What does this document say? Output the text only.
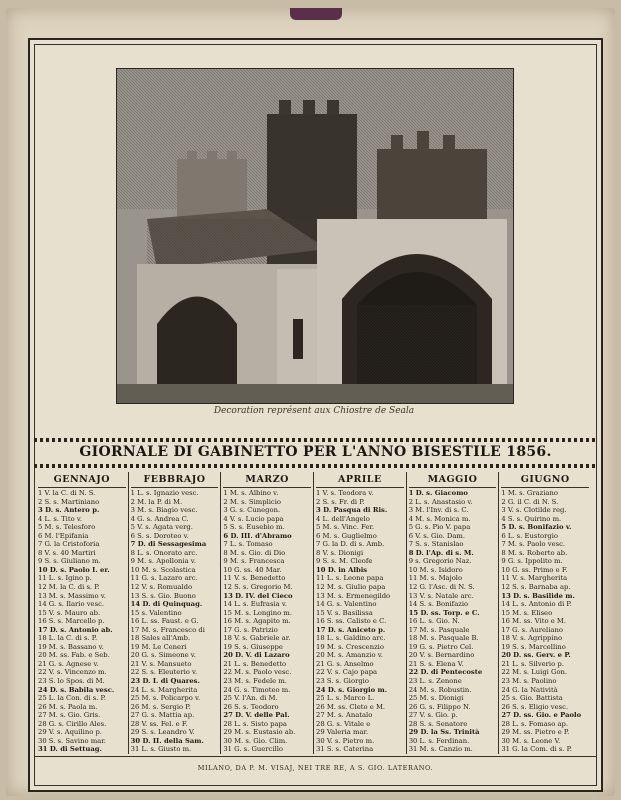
Decoration représent aux Chiostre de Seala
GIORNALE DI GABINETTO PER L'ANNO BISESTILE 1856.
GENNAJO
1 V. la C. di N. S.
2 S. s. Martiniano
3 D. s. Antero p.
4 L. s. Tito v.
5 M. s. Telesforo
6 M. l'Epifania
7 G. la Cristoforia
8 V. s. 40 Martiri
9 S. s. Giuliano m.
10 D. s. Paolo I. er.
11 L. s. Igino p.
12 M. la C. di s. P.
13 M. s. Massimo v.
14 G. s. Ilario vesc.
15 V. s. Mauro ab.
16 S. s. Marcello p.
17 D. s. Antonio ab.
18 L. la C. di s. P.
19 M. s. Bassano v.
20 M. ss. Fab. e Seb.
21 G. s. Agnese v.
22 V. s. Vincenzo m.
23 S. lo Spos. di M.
24 D. s. Babila vesc.
25 L. la Con. di s. P.
26 M. s. Paola m.
27 M. s. Gio. Gris.
28 G. s. Cirillo Ales.
29 V. s. Aquilino p.
30 S. s. Savino mar.
31 D. di Settuag.
FEBBRAJO
1 L. s. Ignazio vesc.
2 M. la P. di M.
3 M. s. Biagio vesc.
4 G. s. Andrea C.
5 V. s. Agata verg.
6 S. s. Doroteo v.
7 D. di Sessagesima
8 L. s. Onorato arc.
9 M. s. Apollonia v.
10 M. s. Scolastica
11 G. s. Lazaro arc.
12 V. s. Romualdo
13 S. s. Gio. Buono
14 D. di Quinquag.
15 s. Valentino
16 L. ss. Faust. e G.
17 M. s. Francesco di
18 Sales all'Amb.
19 M. Le Ceneri
20 G. s. Simeone v.
21 V. s. Mansueto
22 S. s. Eleuterio v.
23 D. I. di Quares.
24 L. s. Margherita
25 M. s. Policarpo v.
26 M. s. Sergio P.
27 G. s. Mattia ap.
28 V. ss. Fel. e F.
29 S. s. Leandro V.
30 D. II. della Sam.
31 L. s. Giusto m.
MARZO
1 M. s. Albino v.
2 M. s. Simplicio
3 G. s. Cunegon.
4 V. s. Lucio papa
5 S. s. Eusebio m.
6 D. III. d'Abramo
7 L. s. Tomaso
8 M. s. Gio. di Dio
9 M. s. Francesca
10 G. ss. 40 Mar.
11 V. s. Benedetto
12 S. s. Gregorio M.
13 D. IV. del Cieco
14 L. s. Eufrasia v.
15 M. s. Longino m.
16 M. s. Agapito m.
17 G. s. Patrizio
18 V. s. Gabriele ar.
19 S. s. Giuseppe
20 D. V. di Lazaro
21 L. s. Benedetto
22 M. s. Paolo vesc.
23 M. s. Fedele m.
24 G. s. Timoteo m.
25 V. l'An. di M.
26 S. s. Teodoro
27 D. V. delle Pal.
28 L. s. Sisto papa
29 M. s. Eustasio ab.
30 M. s. Gio. Clim.
31 G. s. Guercillo
APRILE
1 V. s. Teodora v.
2 S. s. Fr. di P.
3 D. Pasqua di Ris.
4 L. dell'Angelo
5 M. s. Vinc. Fer.
6 M. s. Guglielmo
7 G. la D. di s. Amb.
8 V. s. Dionigi
9 S. s. M. Cleofe
10 D. in Albis
11 L. s. Leone papa
12 M. s. Giulio papa
13 M. s. Ermenegildo
14 G. s. Valentino
15 V. s. Basilissa
16 S. ss. Calisto e C.
17 D. s. Aniceto p.
18 L. s. Galdino arc.
19 M. s. Crescenzio
20 M. s. Amanzio v.
21 G. s. Anselmo
22 V. s. Cajo papa
23 S. s. Giorgio
24 D. s. Giorgio m.
25 L. s. Marco L.
26 M. ss. Cleto e M.
27 M. s. Anatalo
28 G. s. Vitale e
29 Valeria mar.
30 V. s. Pietro m.
31 S. s. Caterina
MAGGIO
1 D. s. Giacomo
2 L. s. Anastasio v.
3 M. l'Inv. di s. C.
4 M. s. Monica m.
5 G. s. Pio V. papa
6 V. s. Gio. Dam.
7 S. s. Stanislao
8 D. l'Ap. di s. M.
9 s. Gregorio Naz.
10 M. s. Isidoro
11 M. s. Majolo
12 G. l'Asc. di N. S.
13 V. s. Natale arc.
14 S. s. Bonifazio
15 D. ss. Torp. e C.
16 L. s. Gio. N.
17 M. s. Pasquale
18 M. s. Pasquale B.
19 G. s. Pietro Cel.
20 V. s. Bernardino
21 S. s. Elena V.
22 D. di Pentecoste
23 L. s. Zenone
24 M. s. Robustin.
25 M. s. Dionigi
26 G. s. Filippo N.
27 V. s. Gio. p.
28 S. s. Senatore
29 D. la Ss. Trinità
30 L. s. Ferdinan.
31 M. s. Canzio m.
GIUGNO
1 M. s. Graziano
2 G. il C. di N. S.
3 V. s. Clotilde reg.
4 S. s. Quirino m.
5 D. s. Bonifazio v.
6 L. s. Eustorgio
7 M. s. Paolo vesc.
8 M. s. Roberto ab.
9 G. s. Ippolito m.
10 G. ss. Primo e F.
11 V. s. Margherita
12 S. s. Barnaba ap.
13 D. s. Basilide m.
14 L. s. Antonio di P.
15 M. s. Eliseo
16 M. ss. Vito e M.
17 G. s. Aureliano
18 V. s. Agrippino
19 S. s. Marcellino
20 D. ss. Gerv. e P.
21 L. s. Silverio p.
22 M. s. Luigi Gon.
23 M. s. Paolino
24 G. la Natività
25 s. Gio. Battista
26 S. s. Eligio vesc.
27 D. ss. Gio. e Paolo
28 L. s. Fomaso ap.
29 M. ss. Pietro e P.
30 M. s. Leone V.
31 G. la Com. di s. P.
MILANO, DA P. M. VISAJ, NEI TRE RE, A S. GIO. LATERANO.
